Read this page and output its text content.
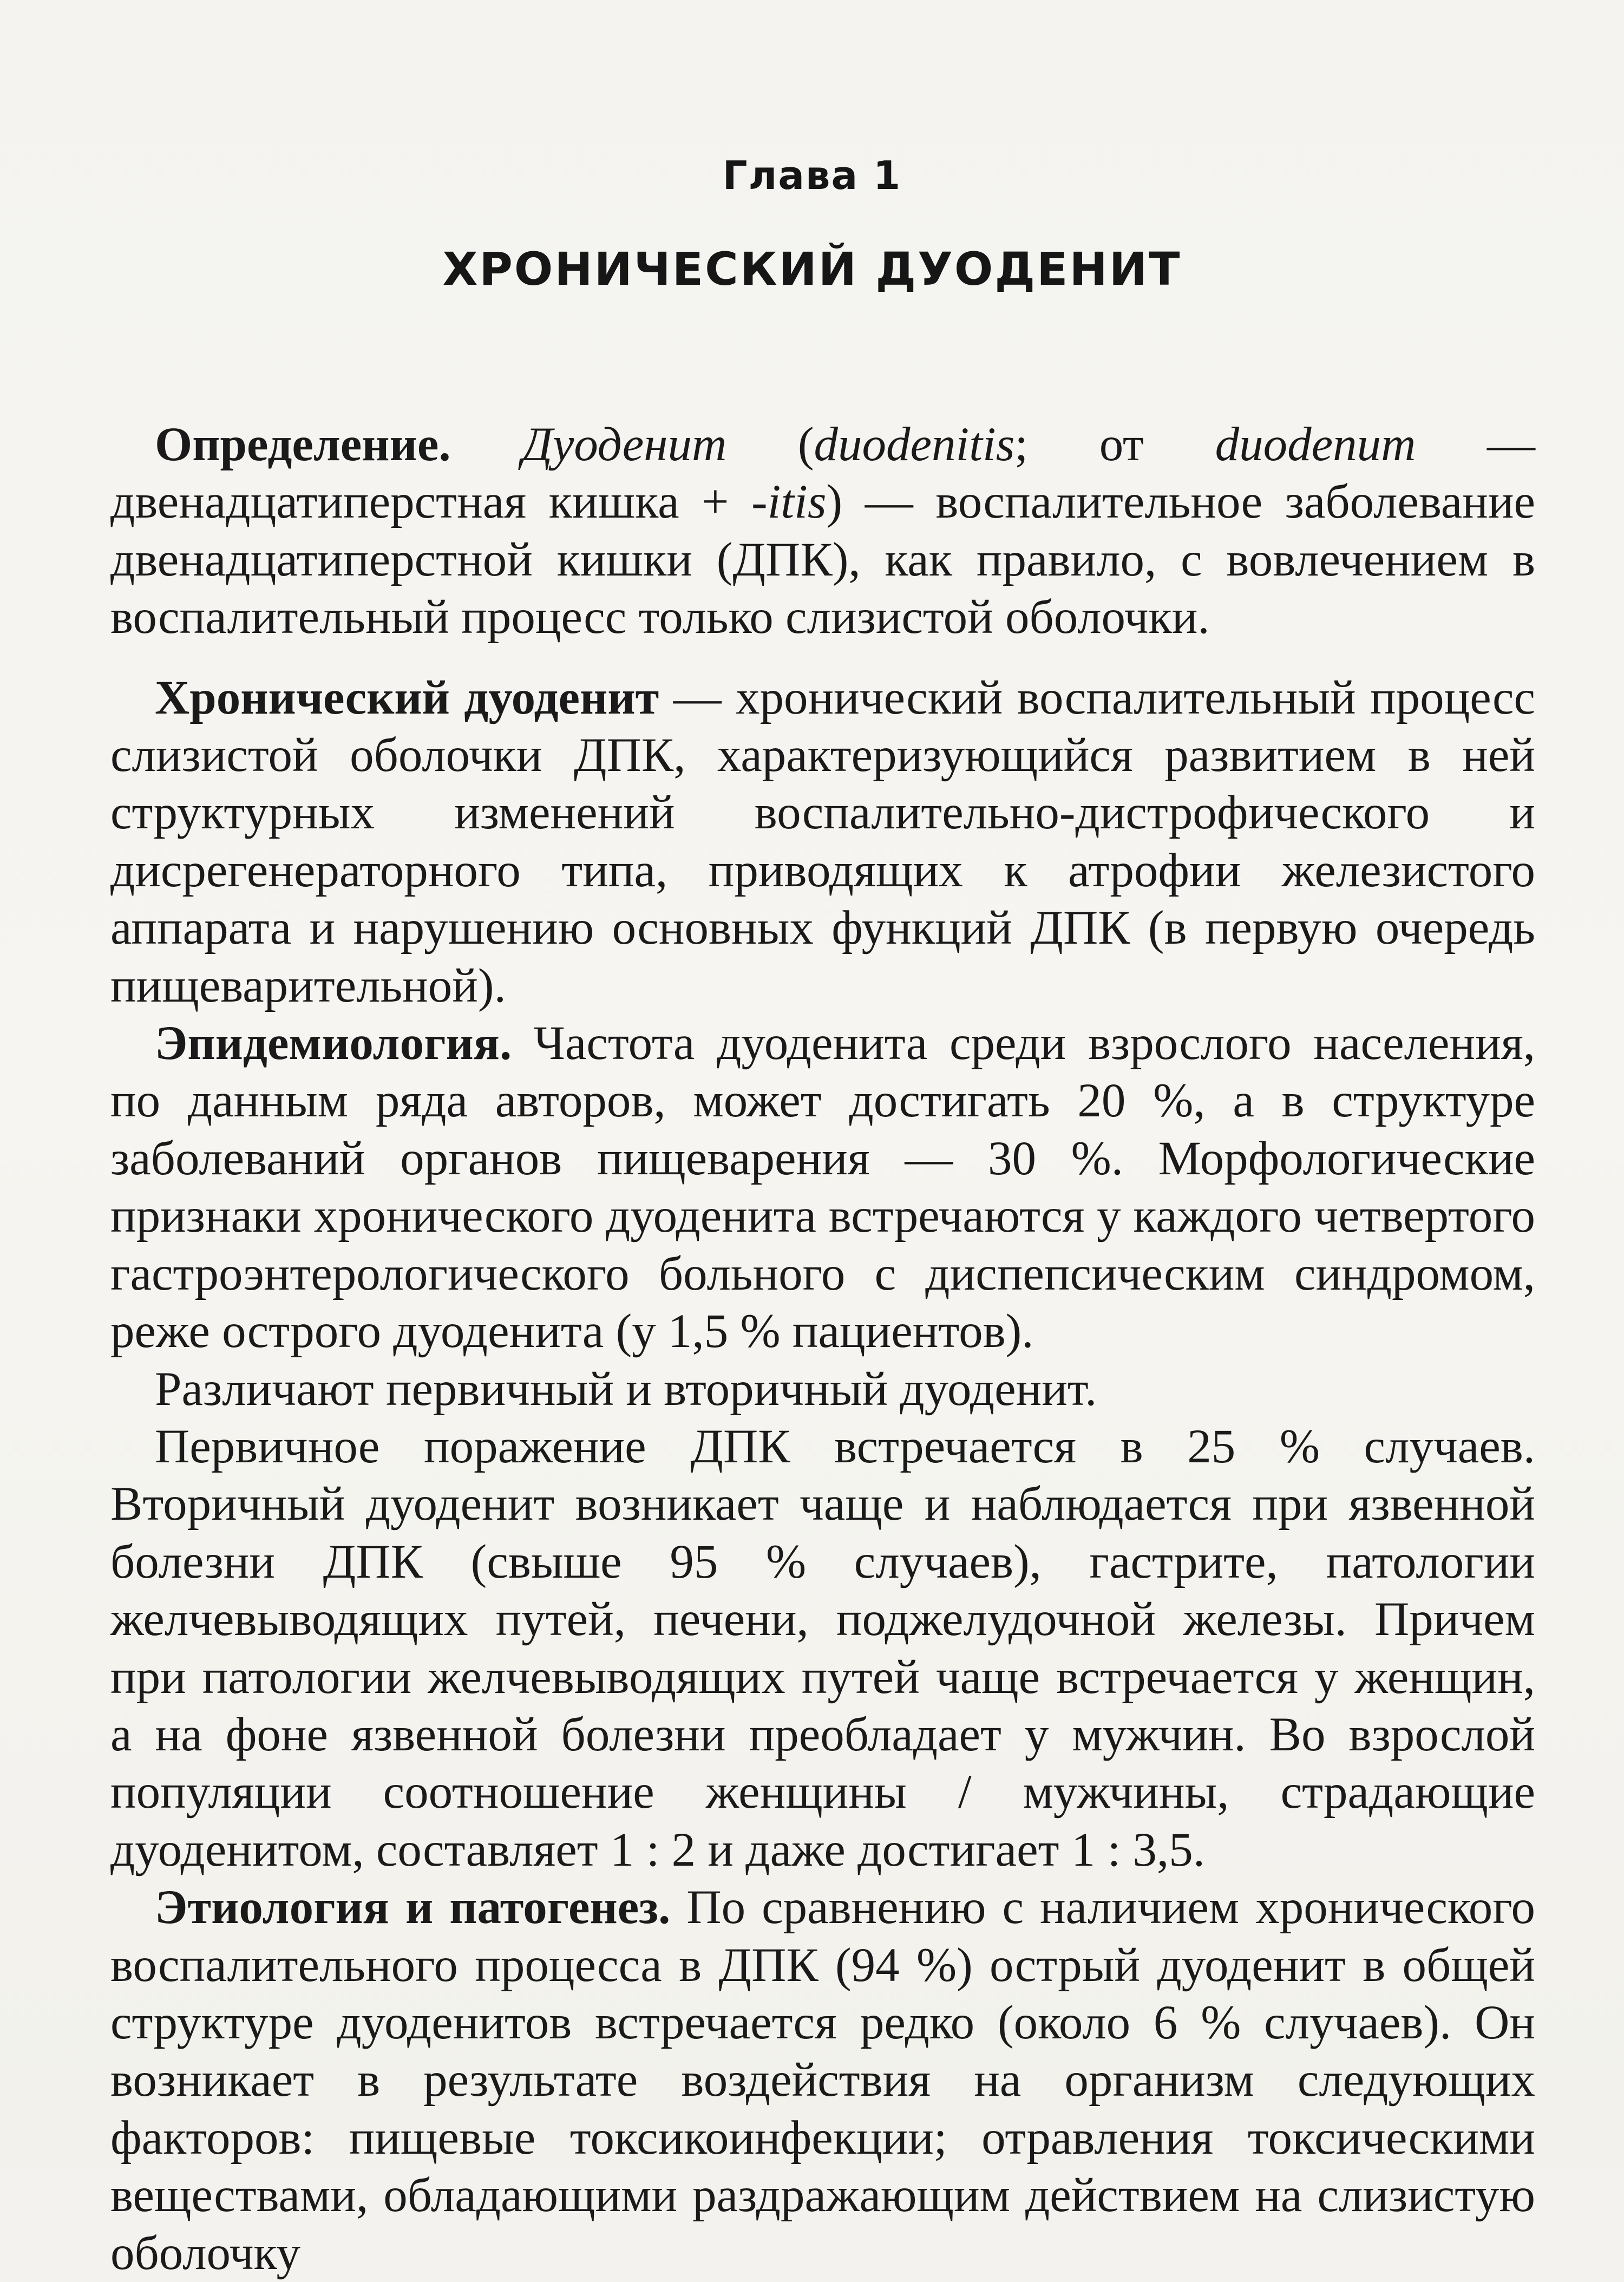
Глава 1
ХРОНИЧЕСКИЙ ДУОДЕНИТ

Определение. Дуоденит (duodenitis; от duodenum — двенадцатиперстная кишка + -itis) — воспалительное заболевание двенадцатиперстной кишки (ДПК), как правило, с вовлечением в воспалительный процесс только слизистой оболочки.

Хронический дуоденит — хронический воспалительный процесс слизистой оболочки ДПК, характеризующийся развитием в ней структурных изменений воспалительно-дистрофического и дисрегенераторного типа, приводящих к атрофии железистого аппарата и нарушению основных функций ДПК (в первую очередь пищеварительной).

Эпидемиология. Частота дуоденита среди взрослого населения, по данным ряда авторов, может достигать 20 %, а в структуре заболеваний органов пищеварения — 30 %. Морфологические признаки хронического дуоденита встречаются у каждого четвертого гастроэнтерологического больного с диспепсическим синдромом, реже острого дуоденита (у 1,5 % пациентов).

Различают первичный и вторичный дуоденит.

Первичное поражение ДПК встречается в 25 % случаев. Вторичный дуоденит возникает чаще и наблюдается при язвенной болезни ДПК (свыше 95 % случаев), гастрите, патологии желчевыводящих путей, печени, поджелудочной железы. Причем при патологии желчевыводящих путей чаще встречается у женщин, а на фоне язвенной болезни преобладает у мужчин. Во взрослой популяции соотношение женщины / мужчины, страдающие дуоденитом, составляет 1 : 2 и даже достигает 1 : 3,5.

Этиология и патогенез. По сравнению с наличием хронического воспалительного процесса в ДПК (94 %) острый дуоденит в общей структуре дуоденитов встречается редко (около 6 % случаев). Он возникает в результате воздействия на организм следующих факторов: пищевые токсикоинфекции; отравления токсическими веществами, обладающими раздражающим действием на слизистую оболочку
